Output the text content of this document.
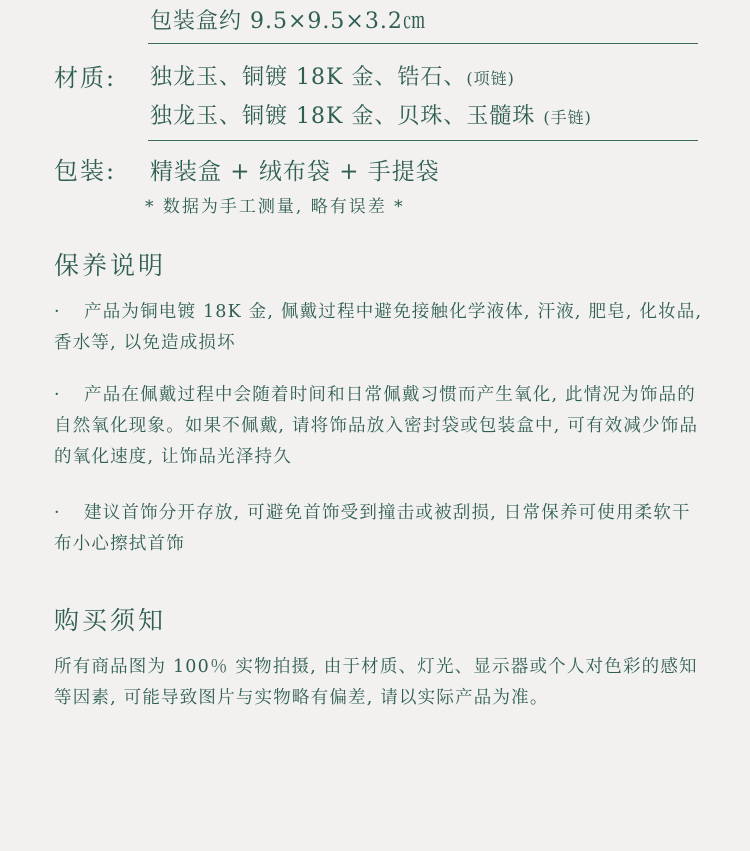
包装盒约 9.5×9.5×3.2㎝
材质: 独龙玉、铜镀 18K 金、锆石、(项链)
独龙玉、铜镀 18K 金、贝珠、玉髓珠 (手链)
包装: 精装盒 + 绒布袋 + 手提袋
* 数据为手工测量, 略有误差 *
保养说明
· 产品为铜电镀 18K 金, 佩戴过程中避免接触化学液体, 汗液, 肥皂, 化妆品, 香水等, 以免造成损坏
· 产品在佩戴过程中会随着时间和日常佩戴习惯而产生氧化, 此情况为饰品的自然氧化现象。如果不佩戴, 请将饰品放入密封袋或包装盒中, 可有效减少饰品的氧化速度, 让饰品光泽持久
· 建议首饰分开存放, 可避免首饰受到撞击或被刮损, 日常保养可使用柔软干布小心擦拭首饰
购买须知
所有商品图为 100％ 实物拍摄, 由于材质、灯光、显示器或个人对色彩的感知等因素, 可能导致图片与实物略有偏差, 请以实际产品为准。
